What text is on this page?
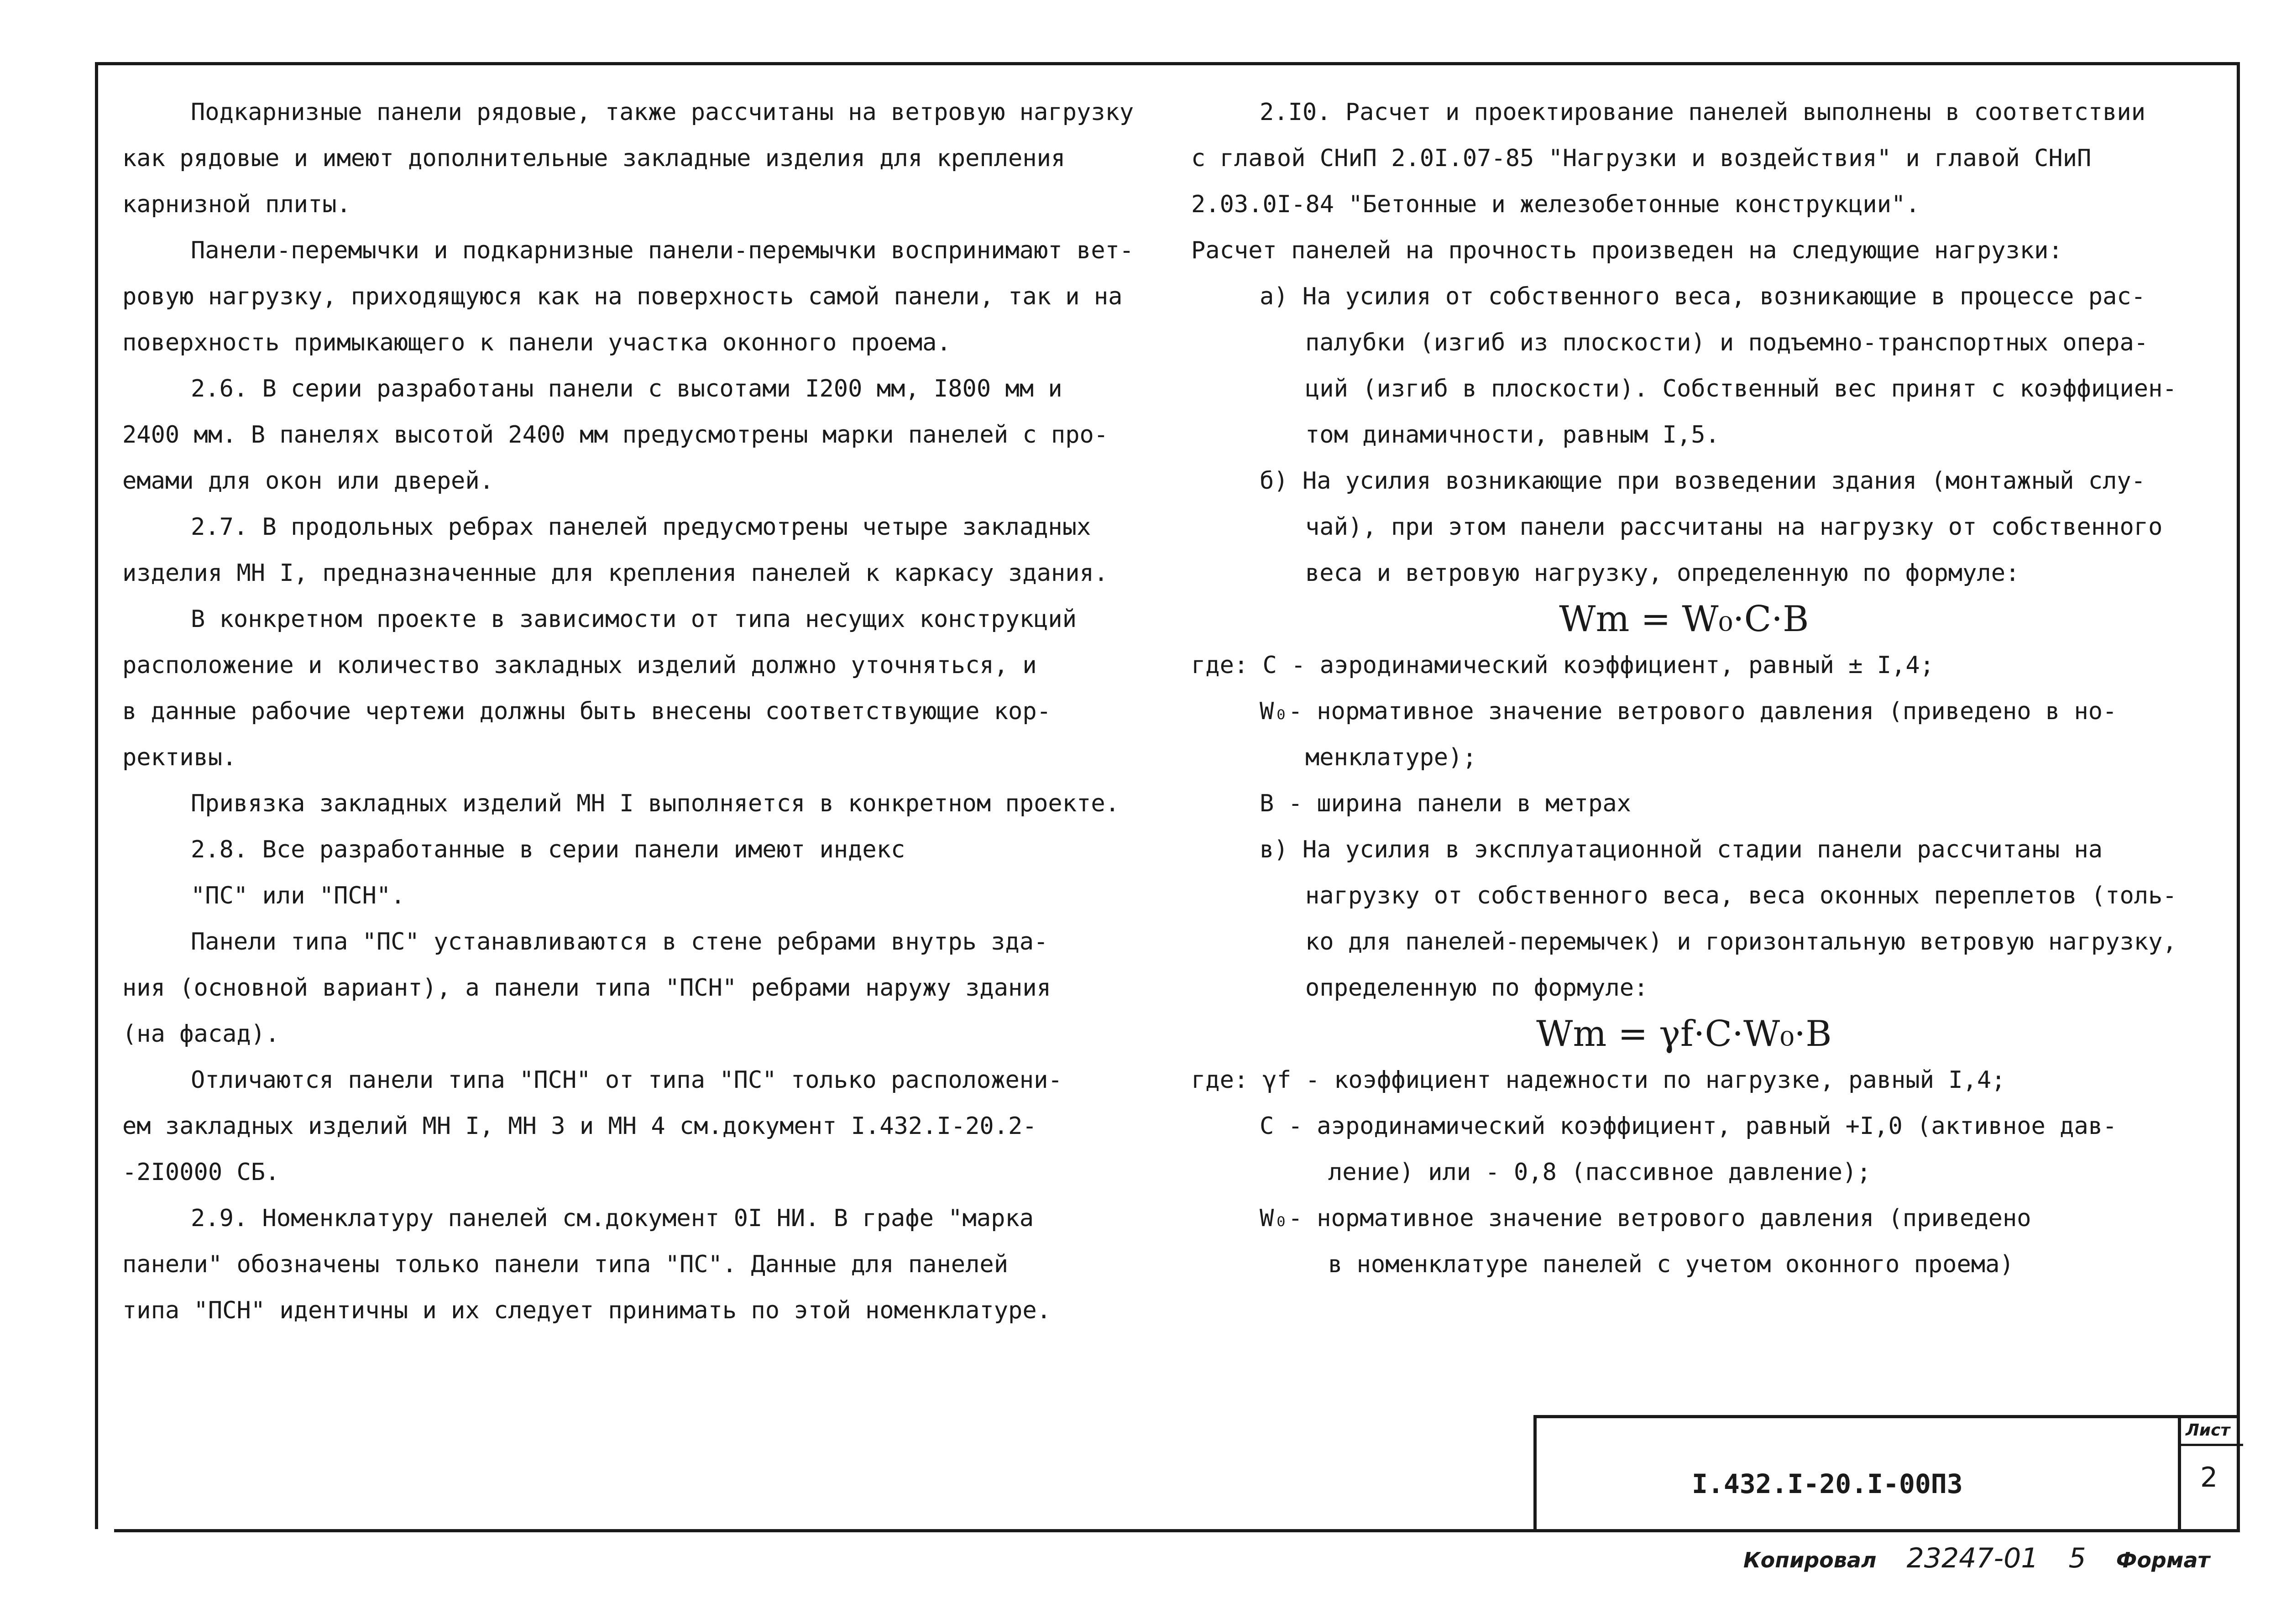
Подкарнизные панели рядовые, также рассчитаны на ветровую нагрузку

как рядовые и имеют дополнительные закладные изделия для крепления

карнизной плиты.

Панели-перемычки и подкарнизные панели-перемычки воспринимают вет-

ровую нагрузку, приходящуюся как на поверхность самой панели, так и на

поверхность примыкающего к панели участка оконного проема.

2.6. В серии разработаны панели с высотами I200 мм, I800 мм и

2400 мм. В панелях высотой 2400 мм предусмотрены марки панелей с про-

емами для окон или дверей.

2.7. В продольных ребрах панелей предусмотрены четыре закладных

изделия МН I, предназначенные для крепления панелей к каркасу здания.

В конкретном проекте в зависимости от типа несущих конструкций

расположение и количество закладных изделий должно уточняться, и

в данные рабочие чертежи должны быть внесены соответствующие кор-

рективы.

Привязка закладных изделий МН I выполняется в конкретном проекте.

2.8. Все разработанные в серии панели имеют индекс

"ПС" или "ПСН".

Панели типа "ПС" устанавливаются в стене ребрами внутрь зда-

ния (основной вариант), а панели типа "ПСН" ребрами наружу здания

(на фасад).

Отличаются панели типа "ПСН" от типа "ПС" только расположени-

ем закладных изделий МН I, МН 3 и МН 4 см.документ I.432.I-20.2-

-2I0000 СБ.

2.9. Номенклатуру панелей см.документ 0I НИ. В графе "марка

панели" обозначены только панели типа "ПС". Данные для панелей

типа "ПСН" идентичны и их следует принимать по этой номенклатуре.

2.I0. Расчет и проектирование панелей выполнены в соответствии

с главой СНиП 2.0I.07-85 "Нагрузки и воздействия" и главой СНиП

2.03.0I-84 "Бетонные и железобетонные конструкции".

Расчет панелей на прочность произведен на следующие нагрузки:

а) На усилия от собственного веса, возникающие в процессе рас-

палубки (изгиб из плоскости) и подъемно-транспортных опера-

ций (изгиб в плоскости). Собственный вес принят с коэффициен-

том динамичности, равным I,5.

б) На усилия возникающие при возведении здания (монтажный слу-

чай), при этом панели рассчитаны на нагрузку от собственного

веса и ветровую нагрузку, определенную по формуле:

Wm = W₀·C·B

где: С - аэродинамический коэффициент, равный ± I,4;

W₀- нормативное значение ветрового давления (приведено в но-

менклатуре);

B - ширина панели в метрах

в) На усилия в эксплуатационной стадии панели рассчитаны на

нагрузку от собственного веса, веса оконных переплетов (толь-

ко для панелей-перемычек) и горизонтальную ветровую нагрузку,

определенную по формуле:

Wm = γf·C·W₀·B

где: γf - коэффициент надежности по нагрузке, равный I,4;

С - аэродинамический коэффициент, равный +I,0 (активное дав-

ление) или - 0,8 (пассивное давление);

W₀- нормативное значение ветрового давления (приведено

в номенклатуре панелей с учетом оконного проема)

I.432.I-20.I-00ПЗ
Лист
2
Копировал 23247-01 5 Формат
